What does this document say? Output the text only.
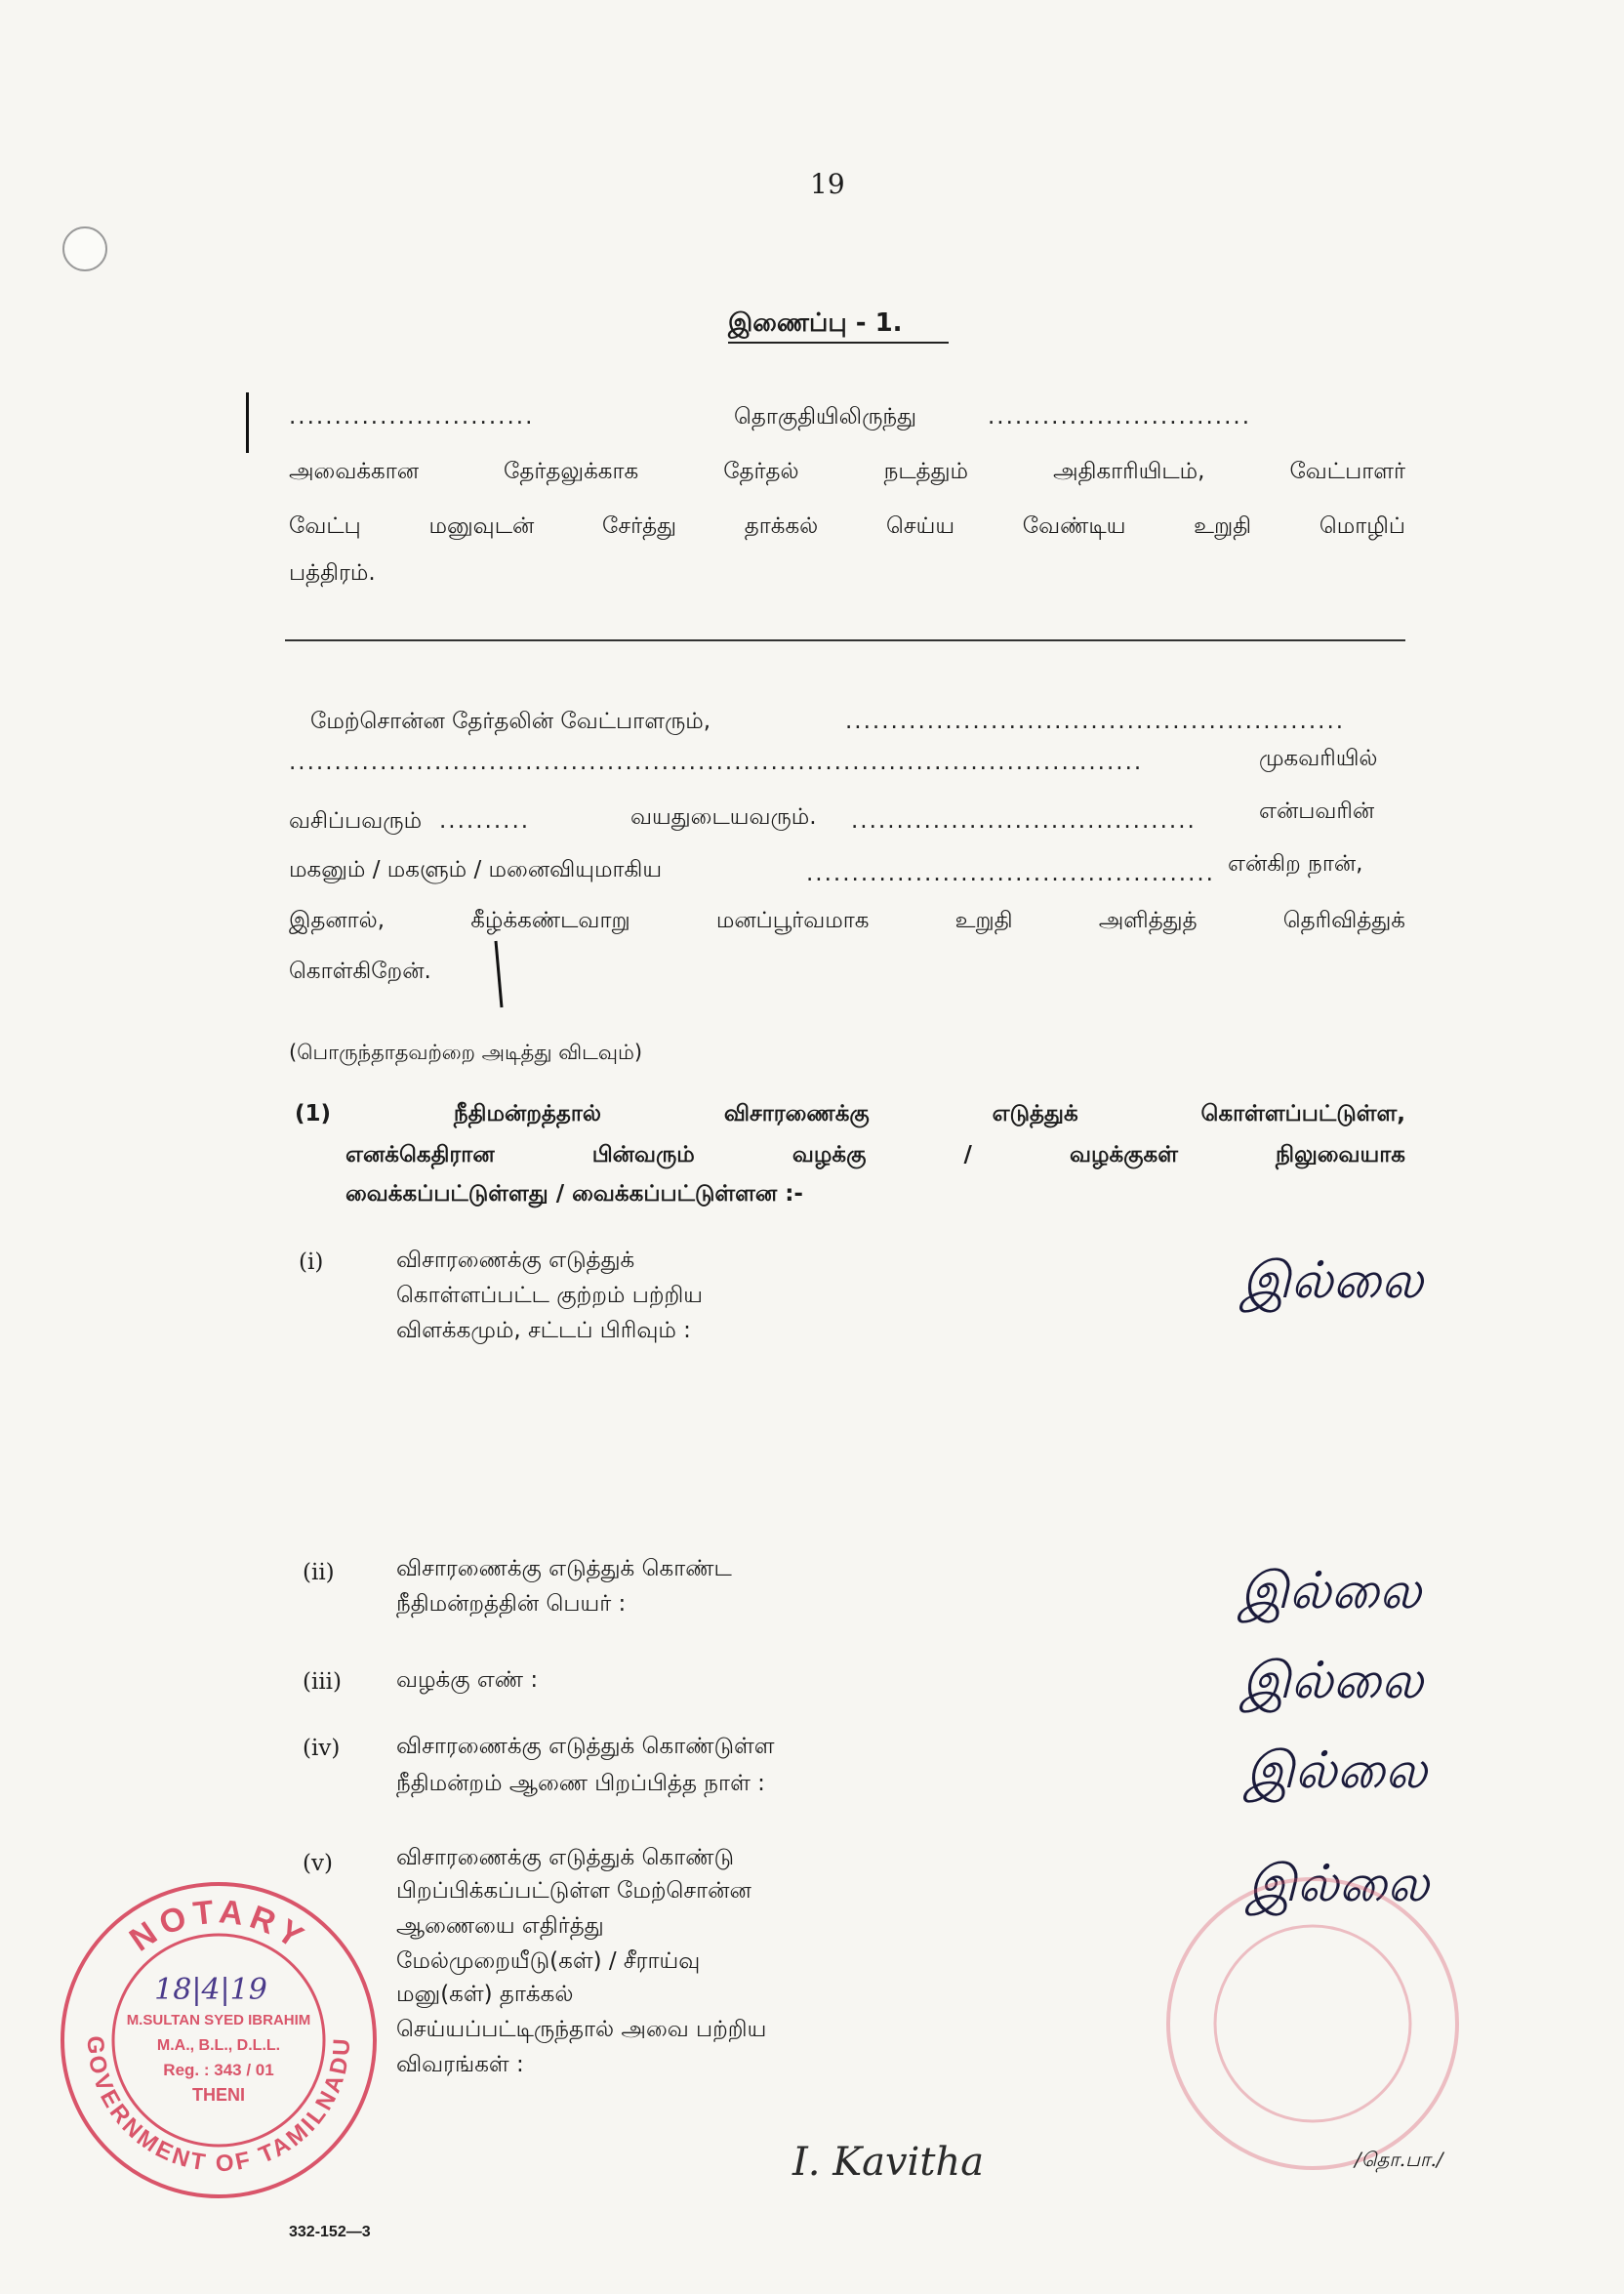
19
இணைப்பு - 1.
...........................	தொகுதியிலிருந்து	.............................
அவைக்கான தேர்தலுக்காக தேர்தல் நடத்தும் அதிகாரியிடம், வேட்பாளர்
வேட்பு மனுவுடன் சேர்த்து தாக்கல் செய்ய வேண்டிய உறுதி மொழிப்
பத்திரம்.
மேற்சொன்ன தேர்தலின் வேட்பாளரும்,	.......................................................
..............................................................................................	முகவரியில்
வசிப்பவரும் ..........	வயதுடையவரும். ......................................	என்பவரின்
மகனும் / மகளும் / மனைவியுமாகிய	............................................. என்கிற நான்,
இதனால், கீழ்க்கண்டவாறு மனப்பூர்வமாக உறுதி அளித்துத் தெரிவித்துக்
கொள்கிறேன்.
(பொருந்தாதவற்றை அடித்து விடவும்)
(1) நீதிமன்றத்தால் விசாரணைக்கு எடுத்துக் கொள்ளப்பட்டுள்ள,
எனக்கெதிரான பின்வரும் வழக்கு / வழக்குகள் நிலுவையாக
வைக்கப்பட்டுள்ளது / வைக்கப்பட்டுள்ளன :-
(i)	விசாரணைக்கு எடுத்துக்
கொள்ளப்பட்ட குற்றம் பற்றிய
விளக்கமும், சட்டப் பிரிவும் :
இல்லை
(ii)	விசாரணைக்கு எடுத்துக் கொண்ட
நீதிமன்றத்தின் பெயர் :	இல்லை
(iii) வழக்கு எண் :	இல்லை
(iv)	விசாரணைக்கு எடுத்துக் கொண்டுள்ள
நீதிமன்றம் ஆணை பிறப்பித்த நாள் :	இல்லை
(v)	விசாரணைக்கு எடுத்துக் கொண்டு
பிறப்பிக்கப்பட்டுள்ள மேற்சொன்ன
ஆணையை எதிர்த்து
மேல்முறையீடு(கள்) / சீராய்வு
மனு(கள்) தாக்கல்
செய்யப்பட்டிருந்தால் அவை பற்றிய
விவரங்கள் :
இல்லை
NOTARY
GOVERNMENT OF TAMILNADU
M.SULTAN SYED IBRAHIM
M.A., B.L., D.L.L.
Reg. : 343 / 01
THENI
18|4|19
332-152—3
/தொ.பா./
I. Kavitha
